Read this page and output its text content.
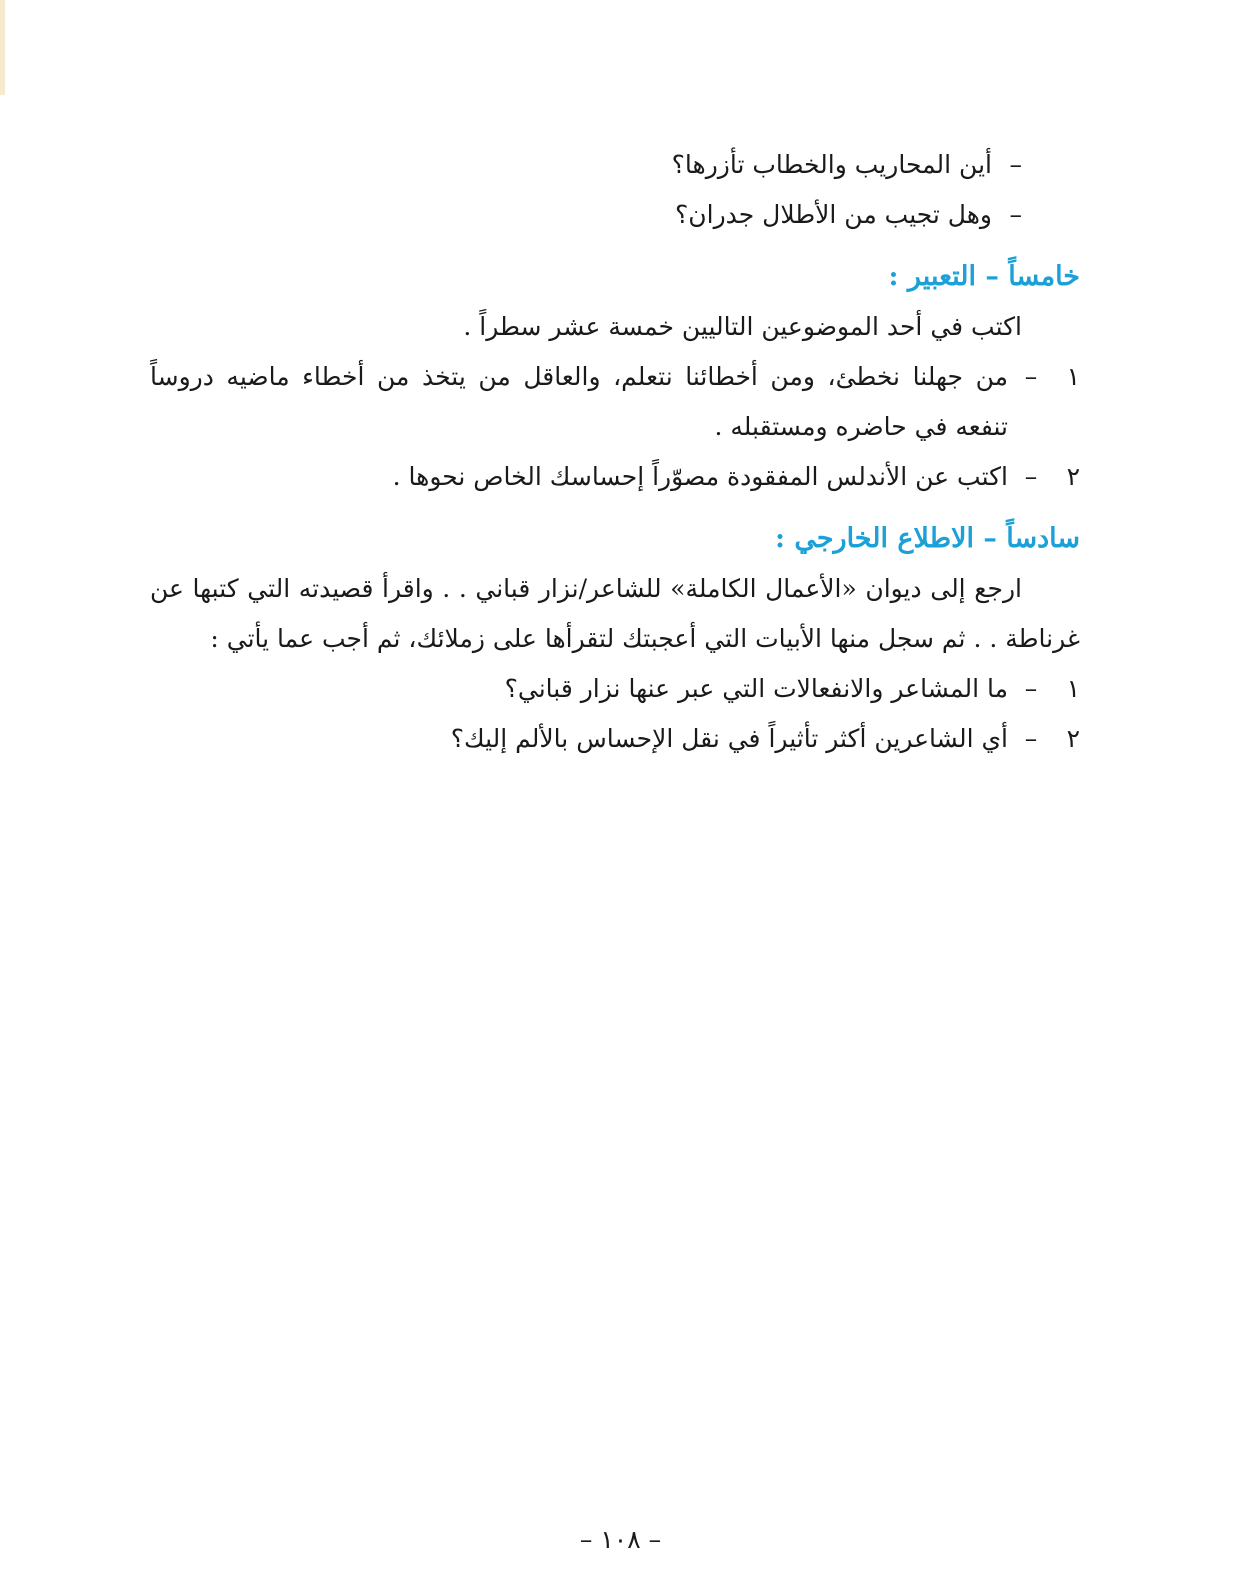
–أين المحاريب والخطاب تأزرها؟
–وهل تجيب من الأطلال جدران؟
خامساً – التعبير :
اكتب في أحد الموضوعين التاليين خمسة عشر سطراً .
١
–
من جهلنا نخطئ، ومن أخطائنا نتعلم، والعاقل من يتخذ من أخطاء ماضيه دروساً تنفعه في حاضره ومستقبله .
٢
–
اكتب عن الأندلس المفقودة مصوّراً إحساسك الخاص نحوها .
سادساً – الاطلاع الخارجي :
ارجع إلى ديوان «الأعمال الكاملة» للشاعر/نزار قباني . . واقرأ قصيدته التي كتبها عن غرناطة . . ثم سجل منها الأبيات التي أعجبتك لتقرأها على زملائك، ثم أجب عما يأتي :
١
–
ما المشاعر والانفعالات التي عبر عنها نزار قباني؟
٢
–
أي الشاعرين أكثر تأثيراً في نقل الإحساس بالألم إليك؟
– ١٠٨ –
